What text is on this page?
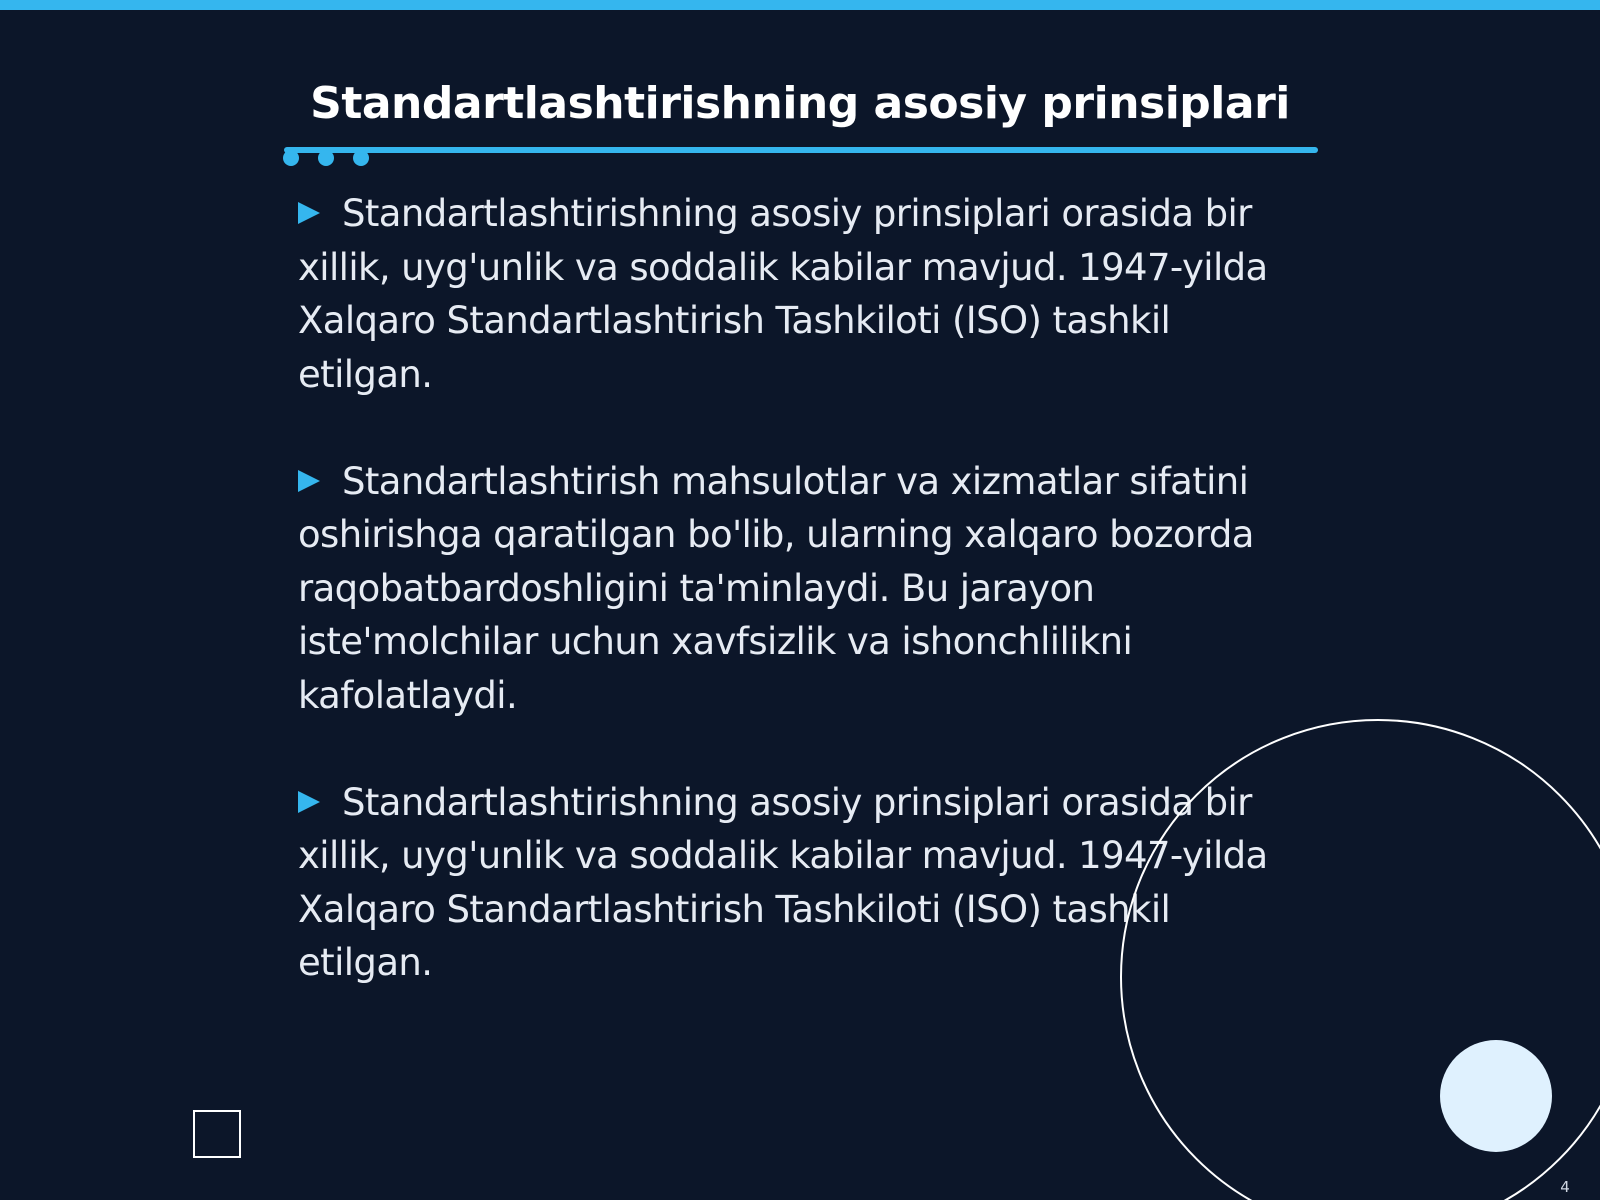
Standartlashtirishning asosiy prinsiplari

Standartlashtirishning asosiy prinsiplari orasida bir xillik, uyg'unlik va soddalik kabilar mavjud. 1947-yilda Xalqaro Standartlashtirish Tashkiloti (ISO) tashkil etilgan.

Standartlashtirish mahsulotlar va xizmatlar sifatini oshirishga qaratilgan bo'lib, ularning xalqaro bozorda raqobatbardoshligini ta'minlaydi. Bu jarayon iste'molchilar uchun xavfsizlik va ishonchlilikni kafolatlaydi.

Standartlashtirishning asosiy prinsiplari orasida bir xillik, uyg'unlik va soddalik kabilar mavjud. 1947-yilda Xalqaro Standartlashtirish Tashkiloti (ISO) tashkil etilgan.

4
